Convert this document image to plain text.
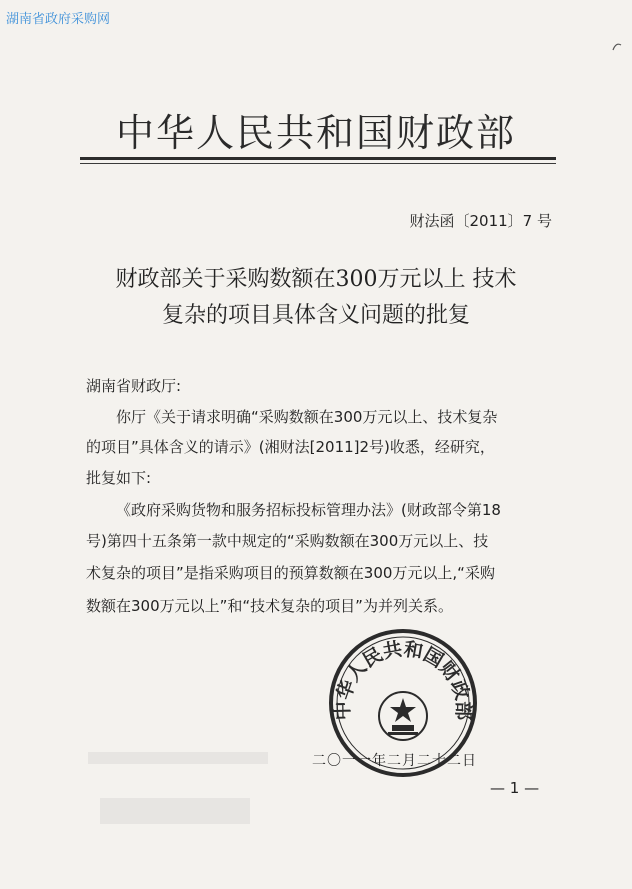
湖南省政府采购网
中华人民共和国财政部
财法函〔2011〕7 号
财政部关于采购数额在300万元以上 技术
复杂的项目具体含义问题的批复
湖南省财政厅:
你厅《关于请求明确“采购数额在300万元以上、技术复杂
的项目”具体含义的请示》(湘财法[2011]2号)收悉，经研究，
批复如下:
《政府采购货物和服务招标投标管理办法》(财政部令第18
号)第四十五条第一款中规定的“采购数额在300万元以上、技
术复杂的项目”是指采购项目的预算数额在300万元以上,“采购
数额在300万元以上”和“技术复杂的项目”为并列关系。
中华人民共和国财政部
二〇一一年二月二十二日
— 1 —
